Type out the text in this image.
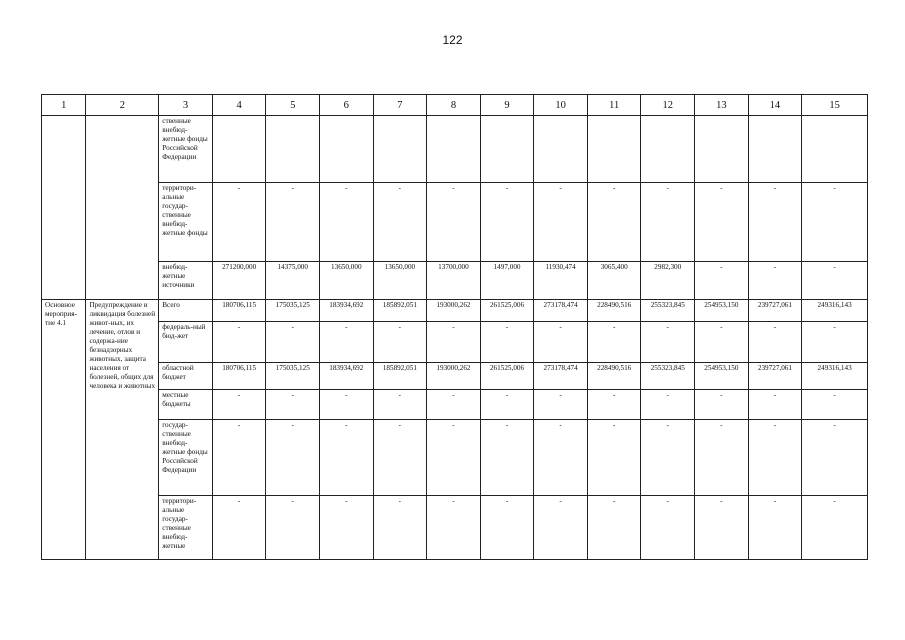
122
1	2	3	4	5	6	7	8	9	10	11	12	13	14	15
		ственные внебюд-жетные фонды Российской Федерации												
		территори-альные государ-ственные внебюд-жетные фонды	-	-	-	-	-	-	-	-	-	-	-	-
		внебюд-жетные источники	271200,000	14375,000	13650,000	13650,000	13700,000	1497,000	11930,474	3065,400	2982,300	-	-	-
Основное мероприя-тие 4.1	Предупреждение и ликвидация болезней живот-ных, их лечение, отлов и содержа-ние безнадзорных животных, защита населения от болезней, общих для человека и животных	Всего	180706,115	175035,125	183934,692	185892,051	193000,262	261525,006	273178,474	228490,516	255323,845	254953,150	239727,061	249316,143
		федераль-ный бюд-жет	-	-	-	-	-	-	-	-	-	-	-	-
		областной бюджет	180706,115	175035,125	183934,692	185892,051	193000,262	261525,006	273178,474	228490,516	255323,845	254953,150	239727,061	249316,143
		местные бюджеты	-	-	-	-	-	-	-	-	-	-	-	-
		государ-ственные внебюд-жетные фонды Российской Федерации	-	-	-	-	-	-	-	-	-	-	-	-
		территори-альные государ-ственные внебюд-жетные	-	-	-	-	-	-	-	-	-	-	-	-
